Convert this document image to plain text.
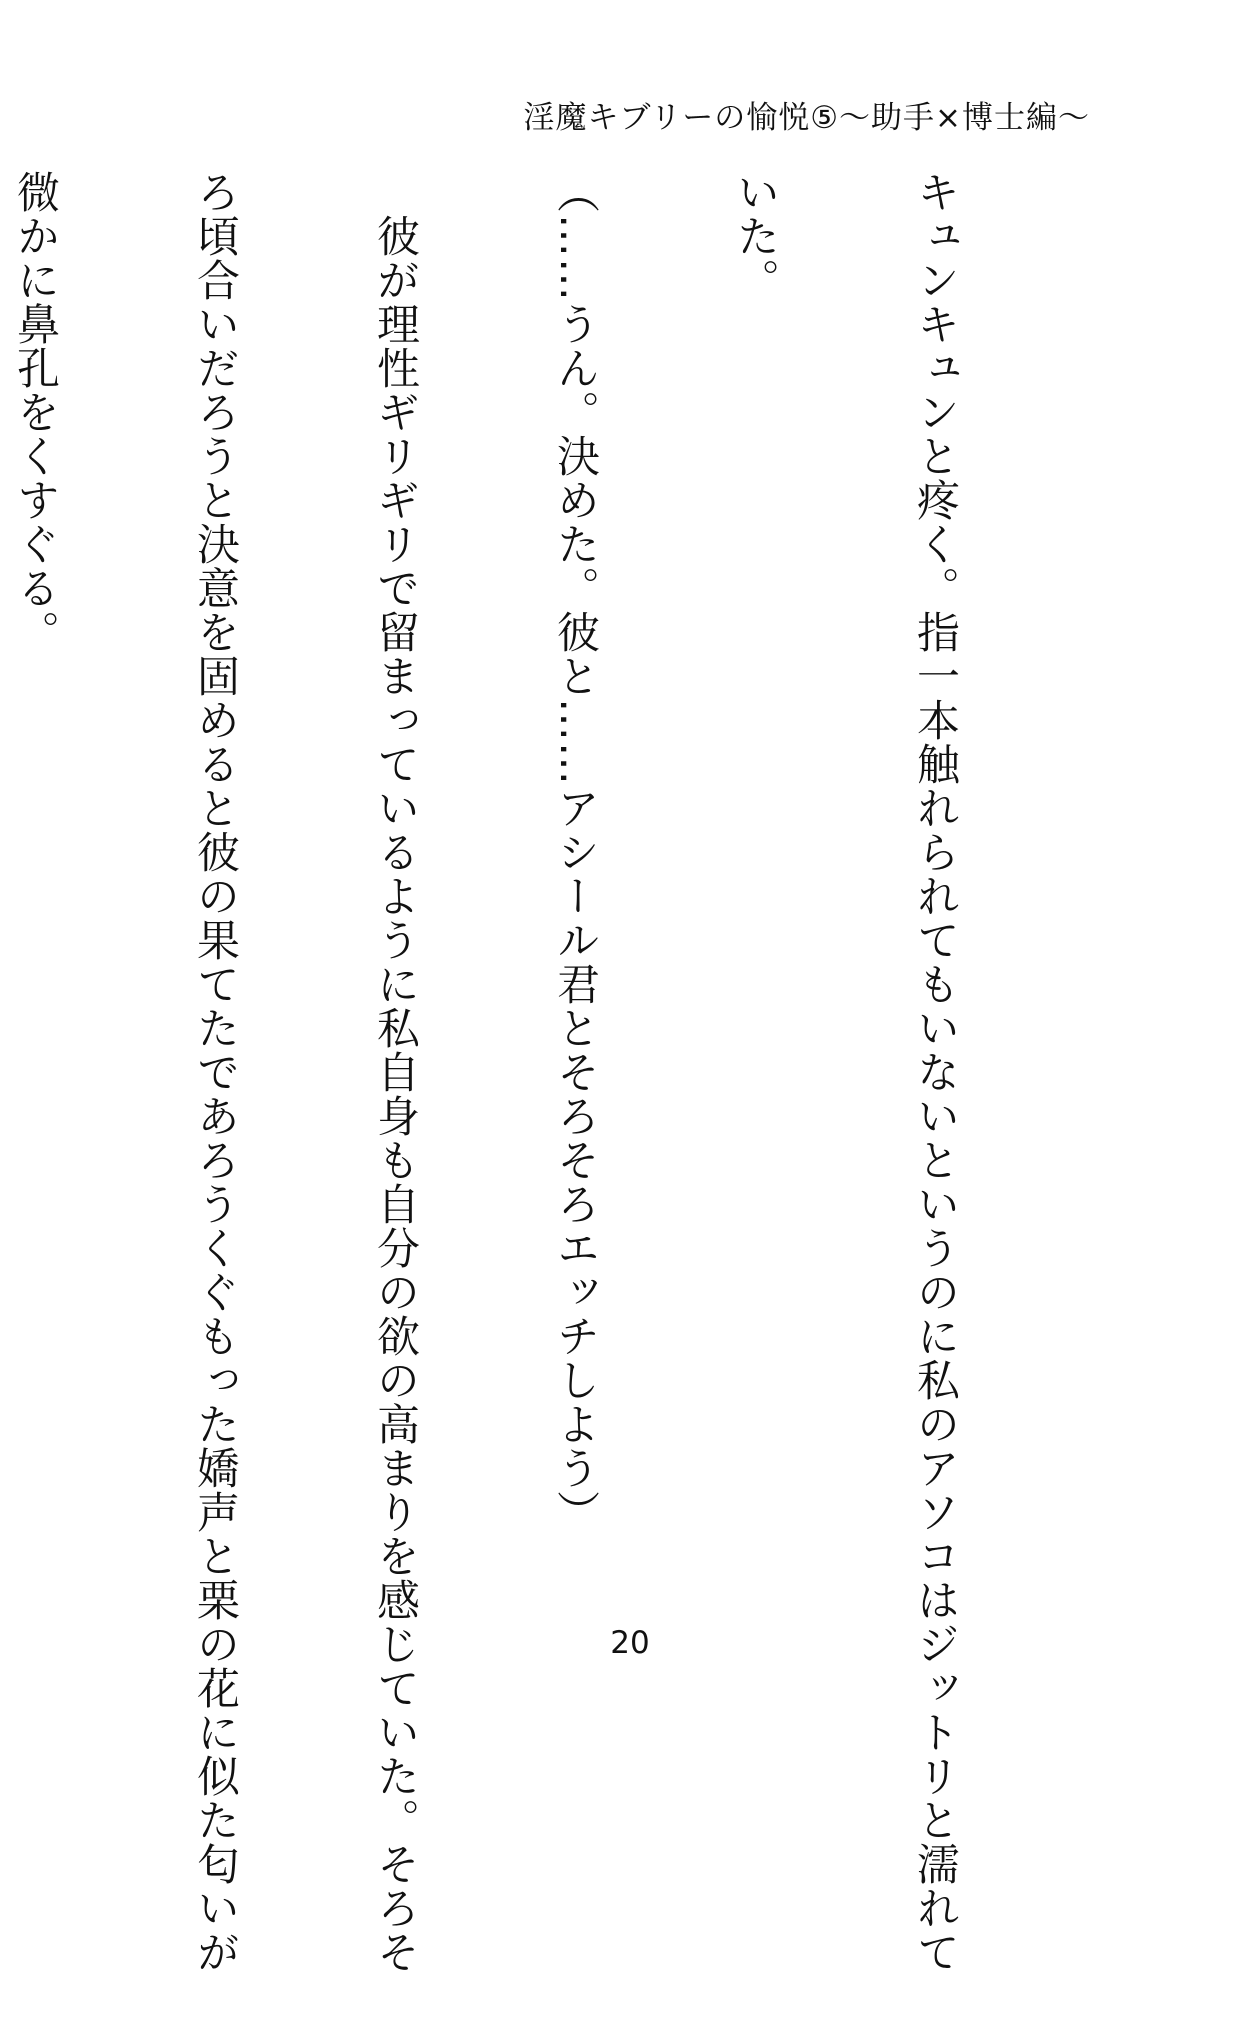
淫魔キブリーの愉悦⑤～助手×博士編～

キュンキュンと疼く。指一本触れられてもいないというのに私のアソコはジットリと濡れて

いた。

（……うん。決めた。彼と……アシール君とそろそろエッチしよう）

　彼が理性ギリギリで留まっているように私自身も自分の欲の高まりを感じていた。そろそ

ろ頃合いだろうと決意を固めると彼の果てたであろうくぐもった嬌声と栗の花に似た匂いが

微かに鼻孔をくすぐる。

20
